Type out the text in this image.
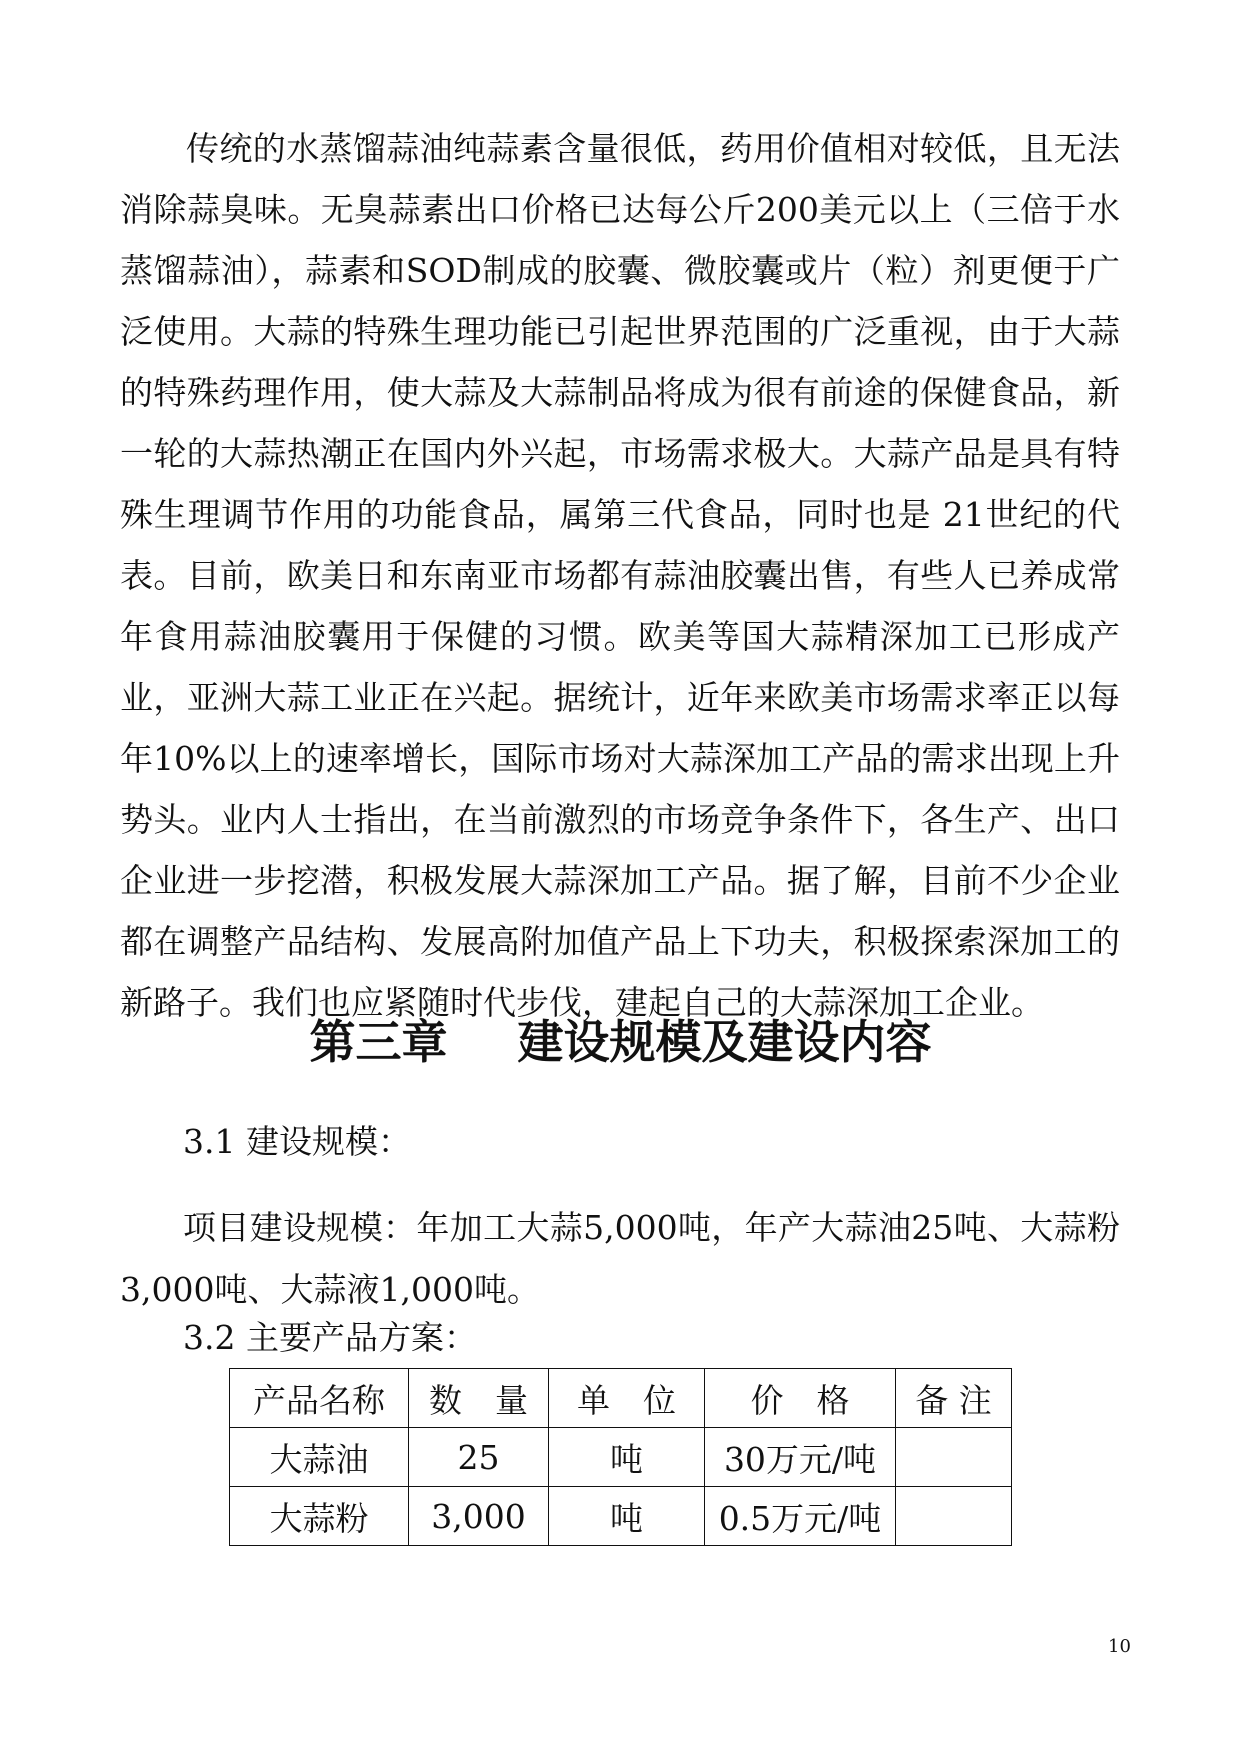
传统的水蒸馏蒜油纯蒜素含量很低，药用价值相对较低，且无法消除蒜臭味。无臭蒜素出口价格已达每公斤200美元以上（三倍于水蒸馏蒜油），蒜素和SOD制成的胶囊、微胶囊或片（粒）剂更便于广泛使用。大蒜的特殊生理功能已引起世界范围的广泛重视，由于大蒜的特殊药理作用，使大蒜及大蒜制品将成为很有前途的保健食品，新一轮的大蒜热潮正在国内外兴起，市场需求极大。大蒜产品是具有特殊生理调节作用的功能食品，属第三代食品，同时也是 21世纪的代表。目前，欧美日和东南亚市场都有蒜油胶囊出售，有些人已养成常年食用蒜油胶囊用于保健的习惯。欧美等国大蒜精深加工已形成产业，亚洲大蒜工业正在兴起。据统计，近年来欧美市场需求率正以每年10%以上的速率增长，国际市场对大蒜深加工产品的需求出现上升势头。业内人士指出，在当前激烈的市场竞争条件下，各生产、出口企业进一步挖潜，积极发展大蒜深加工产品。据了解，目前不少企业都在调整产品结构、发展高附加值产品上下功夫，积极探索深加工的新路子。我们也应紧随时代步伐，建起自己的大蒜深加工企业。

第三章 建设规模及建设内容

3.1 建设规模：

项目建设规模：年加工大蒜5,000吨，年产大蒜油25吨、大蒜粉3,000吨、大蒜液1,000吨。

3.2 主要产品方案：

产品名称	数　量	单　位	价　格	备 注
大蒜油	25	吨	30万元/吨	
大蒜粉	3,000	吨	0.5万元/吨	

10
